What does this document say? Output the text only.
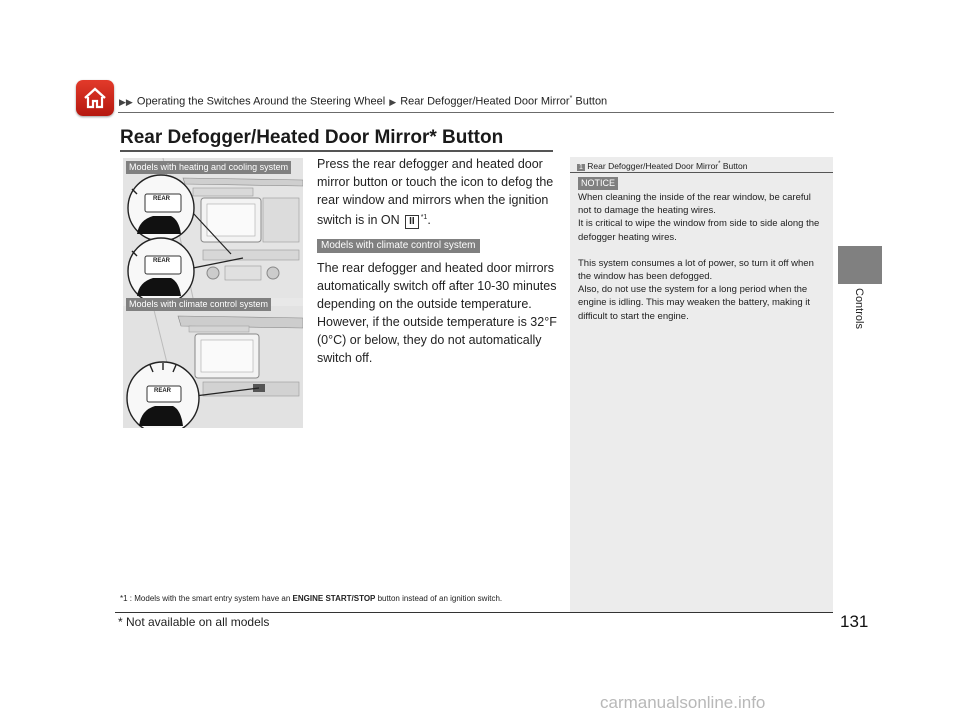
▶▶ Operating the Switches Around the Steering Wheel ▶ Rear Defogger/Heated Door Mirror* Button
Rear Defogger/Heated Door Mirror* Button
Controls
131
Models with heating and cooling system
Models with climate control system
REAR
REAR
REAR

Press the rear defogger and heated door mirror button or touch the icon to defog the rear window and mirrors when the ignition switch is in ON II $^{*1}$.

Models with climate control system

The rear defogger and heated door mirrors automatically switch off after 10-30 minutes depending on the outside temperature. However, if the outside temperature is 32°F (0°C) or below, they do not automatically switch off.

*1 : Models with the smart entry system have an ENGINE START/STOP button instead of an ignition switch.
1 Rear Defogger/Heated Door Mirror* Button
NOTICE

When cleaning the inside of the rear window, be careful not to damage the heating wires.

It is critical to wipe the window from side to side along the defogger heating wires.

This system consumes a lot of power, so turn it off when the window has been defogged.

Also, do not use the system for a long period when the engine is idling. This may weaken the battery, making it difficult to start the engine.

* Not available on all models
carmanualsonline.info
